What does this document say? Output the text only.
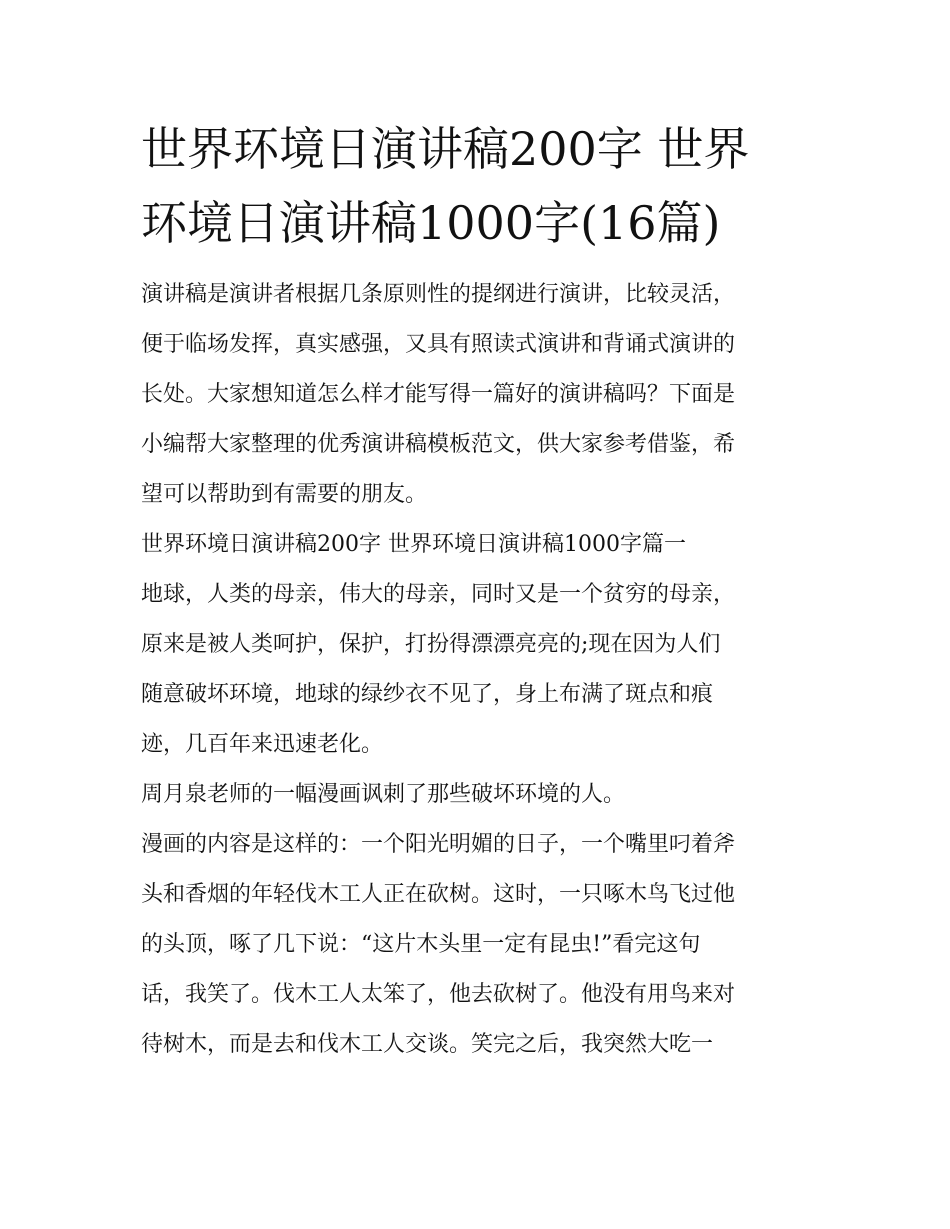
世界环境日演讲稿200字 世界
环境日演讲稿1000字(16篇)
演讲稿是演讲者根据几条原则性的提纲进行演讲，比较灵活，
便于临场发挥，真实感强，又具有照读式演讲和背诵式演讲的
长处。大家想知道怎么样才能写得一篇好的演讲稿吗？下面是
小编帮大家整理的优秀演讲稿模板范文，供大家参考借鉴，希
望可以帮助到有需要的朋友。
世界环境日演讲稿200字 世界环境日演讲稿1000字篇一
地球，人类的母亲，伟大的母亲，同时又是一个贫穷的母亲，
原来是被人类呵护，保护，打扮得漂漂亮亮的;现在因为人们
随意破坏环境，地球的绿纱衣不见了，身上布满了斑点和痕
迹，几百年来迅速老化。
周月泉老师的一幅漫画讽刺了那些破坏环境的人。
漫画的内容是这样的：一个阳光明媚的日子，一个嘴里叼着斧
头和香烟的年轻伐木工人正在砍树。这时，一只啄木鸟飞过他
的头顶，啄了几下说：“这片木头里一定有昆虫!”看完这句
话，我笑了。伐木工人太笨了，他去砍树了。他没有用鸟来对
待树木，而是去和伐木工人交谈。笑完之后，我突然大吃一
